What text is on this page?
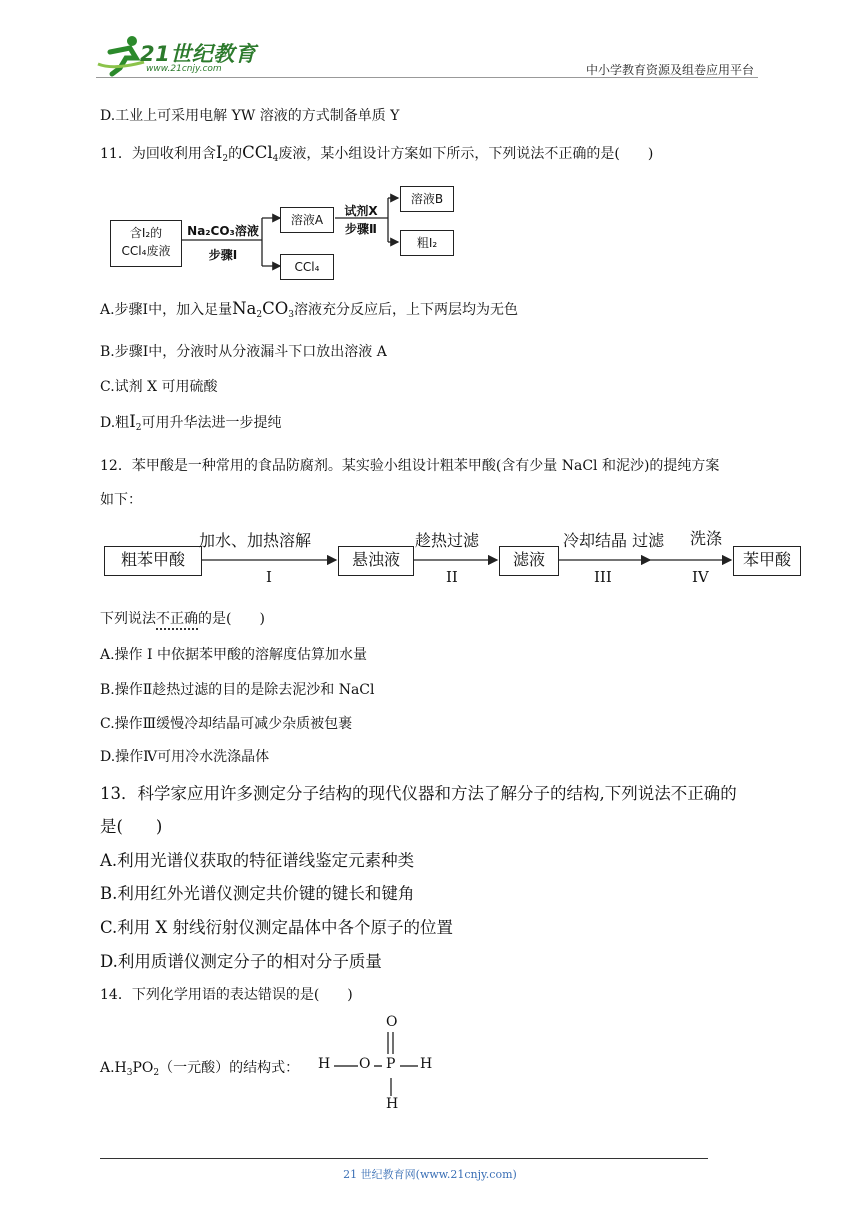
21世纪教育
www.21cnjy.com	中小学教育资源及组卷应用平台
D.工业上可采用电解 YW 溶液的方式制备单质 Y
11．为回收利用含$I_2$的CCl$_4$废液，某小组设计方案如下所示，下列说法不正确的是(　　)
含I₂的
CCl₄废液
Na₂CO₃溶液
步骤Ⅰ
溶液A
CCl₄
试剂X
步骤Ⅱ
溶液B
粗I₂
A.步骤Ⅰ中，加入足量$Na_2CO_3$溶液充分反应后，上下两层均为无色
B.步骤Ⅰ中，分液时从分液漏斗下口放出溶液 A
C.试剂 X 可用硫酸
D.粗$I_2$可用升华法进一步提纯
12．苯甲酸是一种常用的食品防腐剂。某实验小组设计粗苯甲酸(含有少量 NaCl 和泥沙)的提纯方案
如下：
粗苯甲酸	悬浊液	滤液	苯甲酸
加水、加热溶解	趁热过滤	冷却结晶 过滤 洗涤
I	II	III	IV
下列说法不正确的是(　　)
A.操作 I 中依据苯甲酸的溶解度估算加水量
B.操作Ⅱ趁热过滤的目的是除去泥沙和 NaCl
C.操作Ⅲ缓慢冷却结晶可减少杂质被包裹
D.操作Ⅳ可用冷水洗涤晶体
13．科学家应用许多测定分子结构的现代仪器和方法了解分子的结构,下列说法不正确的
是(　　)
A.利用光谱仪获取的特征谱线鉴定元素种类
B.利用红外光谱仪测定共价键的键长和键角
C.利用 X 射线衍射仪测定晶体中各个原子的位置
D.利用质谱仪测定分子的相对分子质量
14．下列化学用语的表达错误的是(　　)
$A.H_3PO_2$（一元酸）的结构式：
O
H O P H
H
21 世纪教育网(www.21cnjy.com)
